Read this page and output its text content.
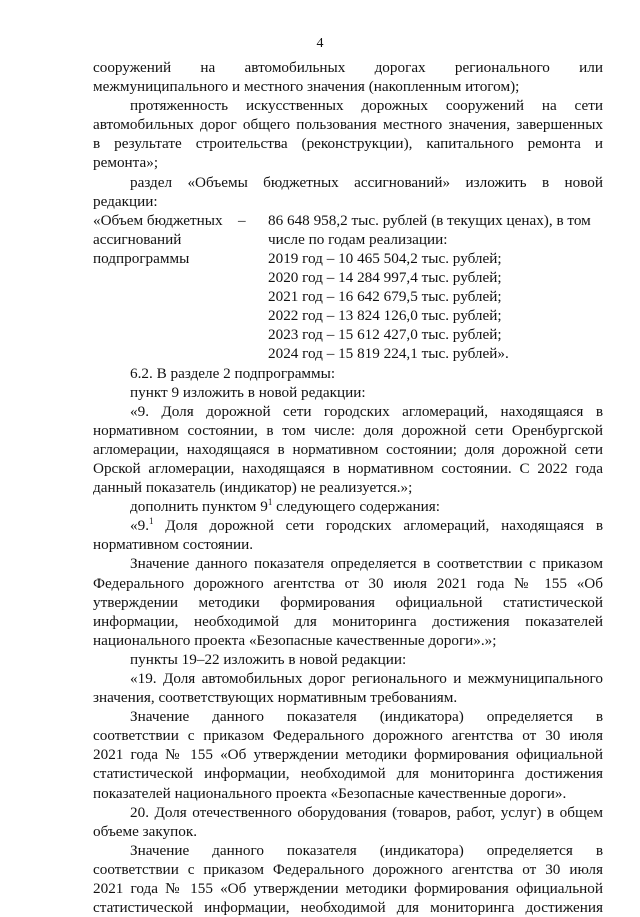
4

сооружений на автомобильных дорогах регионального или

межмуниципального и местного значения (накопленным итогом);

протяженность искусственных дорожных сооружений на сети

автомобильных дорог общего пользования местного значения, завершенных

в результате строительства (реконструкции), капитального ремонта и

ремонта»;

раздел «Объемы бюджетных ассигнований» изложить в новой

редакции:

«Объем бюджетных
ассигнований
подпрограммы
–	86 648 958,2 тыс. рублей (в текущих ценах), в том
числе по годам реализации:
2019 год – 10 465 504,2 тыс. рублей;
2020 год – 14 284 997,4 тыс. рублей;
2021 год – 16 642 679,5 тыс. рублей;
2022 год – 13 824 126,0 тыс. рублей;
2023 год – 15 612 427,0 тыс. рублей;
2024 год – 15 819 224,1 тыс. рублей».

6.2. В разделе 2 подпрограммы:

пункт 9 изложить в новой редакции:

«9. Доля дорожной сети городских агломераций, находящаяся в

нормативном состоянии, в том числе: доля дорожной сети Оренбургской

агломерации, находящаяся в нормативном состоянии; доля дорожной сети

Орской агломерации, находящаяся в нормативном состоянии. С 2022 года

данный показатель (индикатор) не реализуется.»;

дополнить пунктом $9^1$ следующего содержания:

«9.$^1$ Доля дорожной сети городских агломераций, находящаяся в

нормативном состоянии.

Значение данного показателя определяется в соответствии с приказом

Федерального дорожного агентства от 30 июля 2021 года № 155 «Об

утверждении методики формирования официальной статистической

информации, необходимой для мониторинга достижения показателей

национального проекта «Безопасные качественные дороги».»;

пункты 19–22 изложить в новой редакции:

«19. Доля автомобильных дорог регионального и межмуниципального

значения, соответствующих нормативным требованиям.

Значение данного показателя (индикатора) определяется в

соответствии с приказом Федерального дорожного агентства от 30 июля

2021 года № 155 «Об утверждении методики формирования официальной

статистической информации, необходимой для мониторинга достижения

показателей национального проекта «Безопасные качественные дороги».

20. Доля отечественного оборудования (товаров, работ, услуг) в общем

объеме закупок.

Значение данного показателя (индикатора) определяется в

соответствии с приказом Федерального дорожного агентства от 30 июля

2021 года № 155 «Об утверждении методики формирования официальной

статистической информации, необходимой для мониторинга достижения
